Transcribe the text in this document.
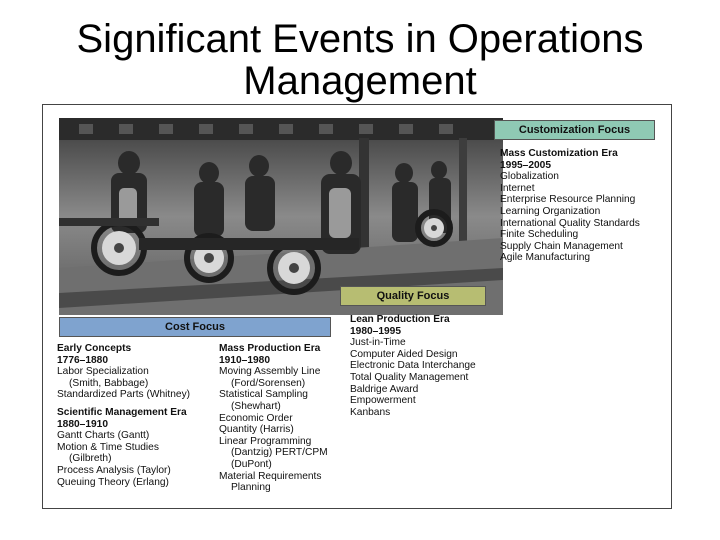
Significant Events in Operations
Management
Customization Focus
Mass Customization Era
1995–2005
Globalization
Internet
Enterprise Resource Planning
Learning Organization
International Quality Standards
Finite Scheduling
Supply Chain Management
Agile Manufacturing
Quality Focus
Lean Production Era
1980–1995
Just-in-Time
Computer Aided Design
Electronic Data Interchange
Total Quality Management
Baldrige Award
Empowerment
Kanbans
Cost Focus
Early Concepts
1776–1880
Labor Specialization
(Smith, Babbage)
Standardized Parts (Whitney)
Scientific Management Era
1880–1910
Gantt Charts (Gantt)
Motion & Time Studies
(Gilbreth)
Process Analysis (Taylor)
Queuing Theory (Erlang)
Mass Production Era
1910–1980
Moving Assembly Line
(Ford/Sorensen)
Statistical Sampling
(Shewhart)
Economic Order
Quantity (Harris)
Linear Programming
(Dantzig) PERT/CPM
(DuPont)
Material Requirements
Planning
